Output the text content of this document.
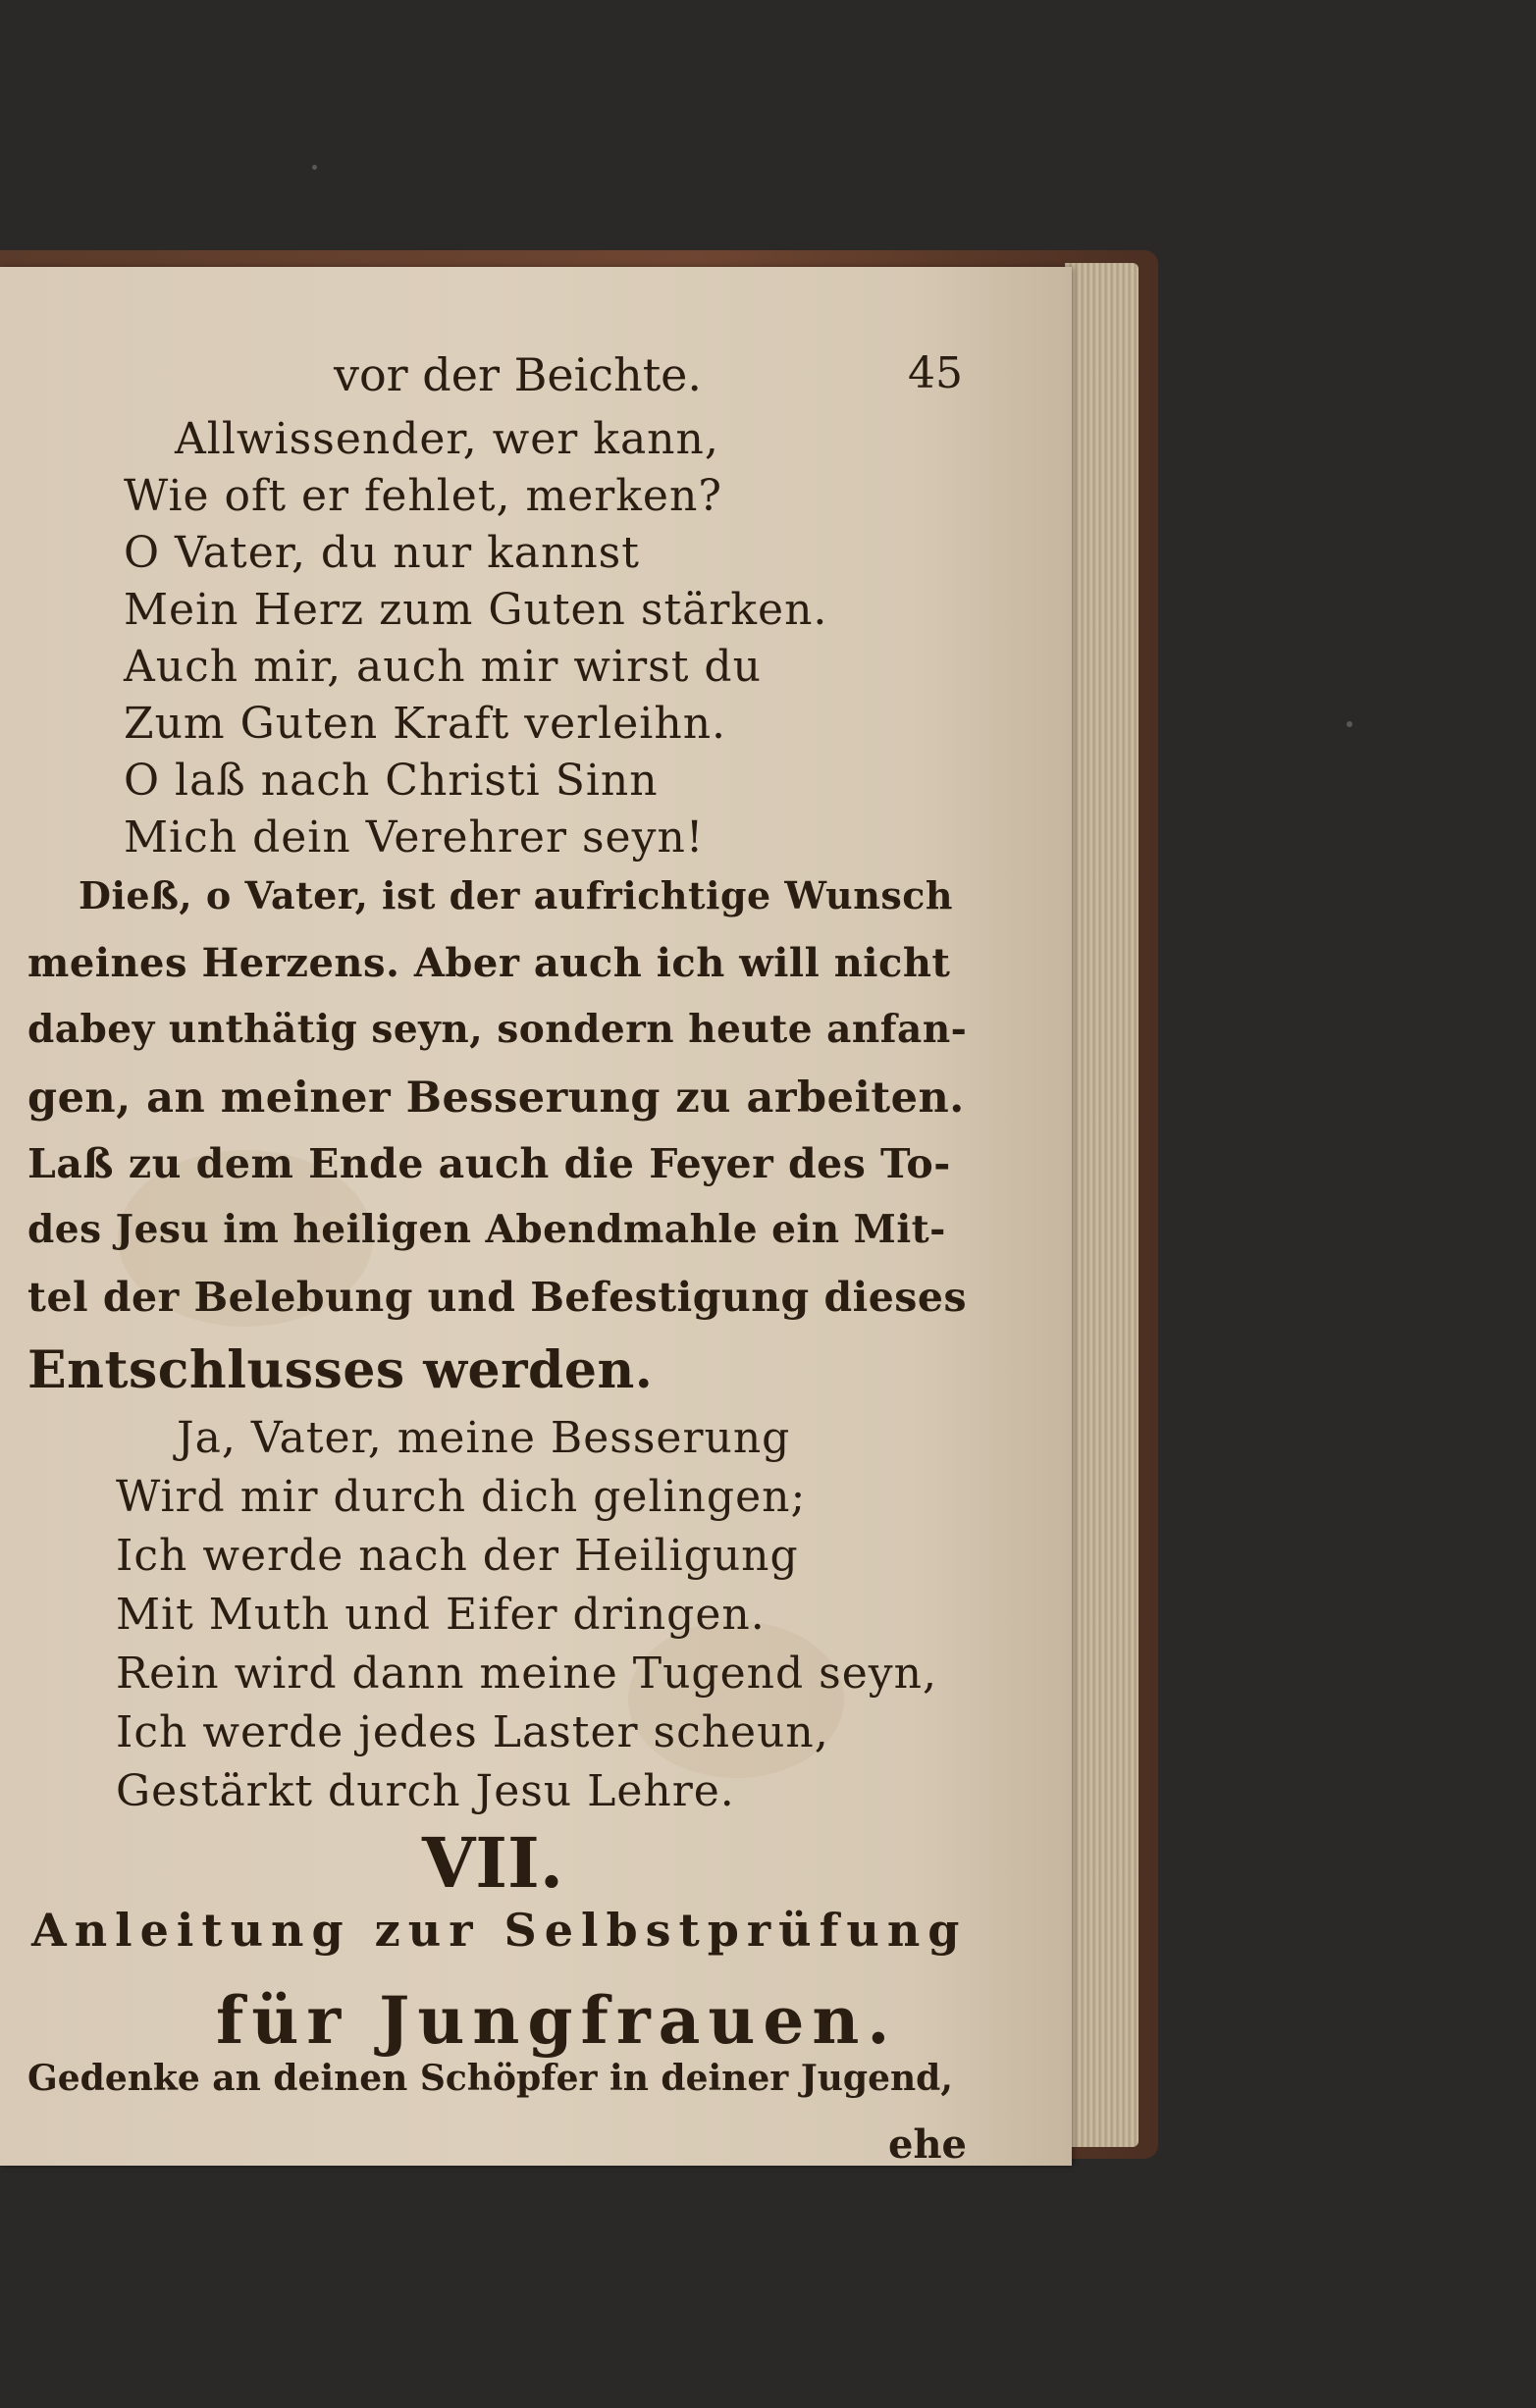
vor der Beichte.	45
Allwissender, wer kann,
Wie oft er fehlet, merken?
O Vater, du nur kannst
Mein Herz zum Guten stärken.
Auch mir, auch mir wirst du
Zum Guten Kraft verleihn.
O laß nach Christi Sinn
Mich dein Verehrer seyn!
Dieß, o Vater, ist der aufrichtige Wunsch
meines Herzens. Aber auch ich will nicht
dabey unthätig seyn, sondern heute anfan-
gen, an meiner Besserung zu arbeiten.
Laß zu dem Ende auch die Feyer des To-
des Jesu im heiligen Abendmahle ein Mit-
tel der Belebung und Befestigung dieses
Entschlusses werden.
Ja, Vater, meine Besserung
Wird mir durch dich gelingen;
Ich werde nach der Heiligung
Mit Muth und Eifer dringen.
Rein wird dann meine Tugend seyn,
Ich werde jedes Laster scheun,
Gestärkt durch Jesu Lehre.
VII.
Anleitung zur Selbstprüfung
für Jungfrauen.
Gedenke an deinen Schöpfer in deiner Jugend,
ehe
